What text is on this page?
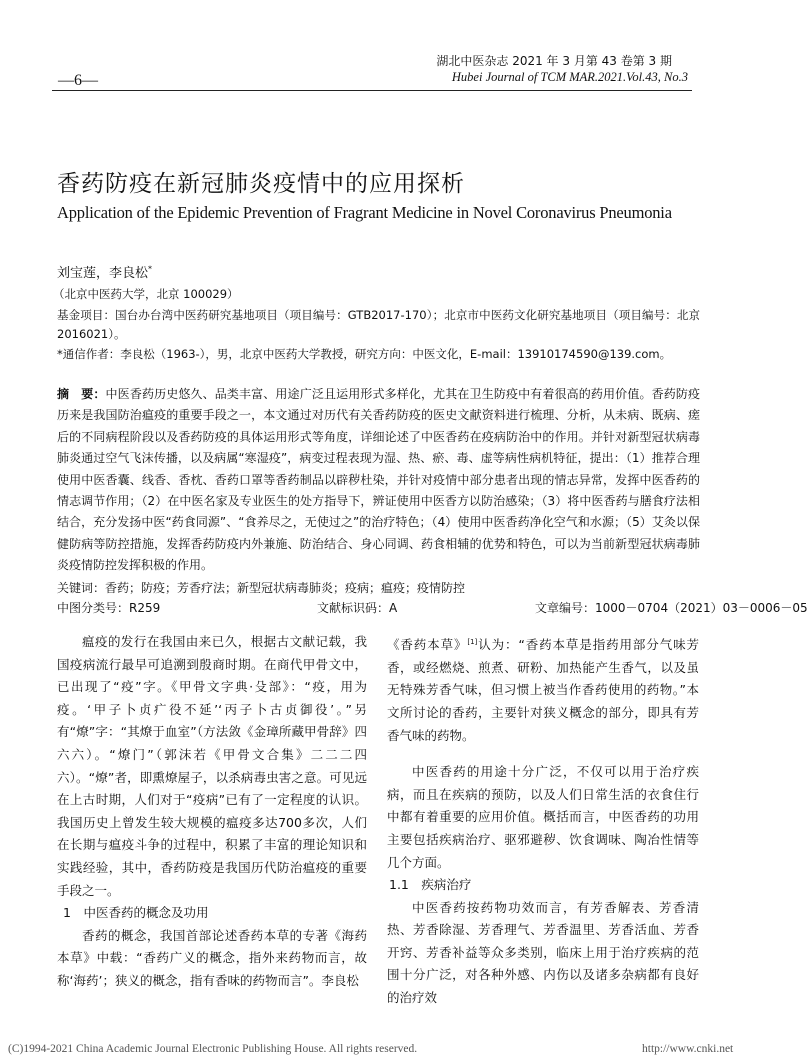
—6—
湖北中医杂志 2021 年 3 月第 43 卷第 3 期
Hubei Journal of TCM MAR.2021.Vol.43, No.3
香药防疫在新冠肺炎疫情中的应用探析
Application of the Epidemic Prevention of Fragrant Medicine in Novel Coronavirus Pneumonia
刘宝莲，李良松*
（北京中医药大学，北京 100029）
基金项目：国台办台湾中医药研究基地项目（项目编号：GTB2017-170）；北京市中医药文化研究基地项目（项目编号：北京 2016021）。
*通信作者：李良松（1963-），男，北京中医药大学教授，研究方向：中医文化，E-mail：13910174590@139.com。
摘　要：中医香药历史悠久、品类丰富、用途广泛且运用形式多样化，尤其在卫生防疫中有着很高的药用价值。香药防疫历来是我国防治瘟疫的重要手段之一，本文通过对历代有关香药防疫的医史文献资料进行梳理、分析，从未病、既病、瘥后的不同病程阶段以及香药防疫的具体运用形式等角度，详细论述了中医香药在疫病防治中的作用。并针对新型冠状病毒肺炎通过空气飞沫传播，以及病属“寒湿疫”，病变过程表现为湿、热、瘀、毒、虚等病性病机特征，提出：（1）推荐合理使用中医香囊、线香、香枕、香药口罩等香药制品以辟秽杜染，并针对疫情中部分患者出现的情志异常，发挥中医香药的情志调节作用；（2）在中医名家及专业医生的处方指导下，辨证使用中医香方以防治感染；（3）将中医香药与膳食疗法相结合，充分发扬中医“药食同源”、“食养尽之，无使过之”的治疗特色；（4）使用中医香药净化空气和水源；（5）艾灸以保健防病等防控措施，发挥香药防疫内外兼施、防治结合、身心同调、药食相辅的优势和特色，可以为当前新型冠状病毒肺炎疫情防控发挥积极的作用。
关键词：香药；防疫；芳香疗法；新型冠状病毒肺炎；疫病；瘟疫；疫情防控
中图分类号：R259	文献标识码：A	文章编号：1000－0704（2021）03－0006－05

瘟疫的发行在我国由来已久，根据古文献记载，我国疫病流行最早可追溯到殷商时期。在商代甲骨文中，已出现了“疫”字。《甲骨文字典·殳部》：“疫，用为疫。‘甲子卜贞疒役不延’‘丙子卜古贞御役’。”另有“燎”字：“其燎于血室”（方法敛《金璋所藏甲骨辞》四六六）。“燎门”（郭沫若《甲骨文合集》二二二四六）。“燎”者，即熏燎屋子，以杀病毒虫害之意。可见远在上古时期，人们对于“疫病”已有了一定程度的认识。我国历史上曾发生较大规模的瘟疫多达700多次，人们在长期与瘟疫斗争的过程中，积累了丰富的理论知识和实践经验，其中，香药防疫是我国历代防治瘟疫的重要手段之一。

1　中医香药的概念及功用

香药的概念，我国首部论述香药本草的专著《海药本草》中载：“香药广义的概念，指外来药物而言，故称‘海药’；狭义的概念，指有香味的药物而言”。李良松

《香药本草》[1]认为：“香药本草是指药用部分气味芳香，或经燃烧、煎煮、研粉、加热能产生香气，以及虽无特殊芳香气味，但习惯上被当作香药使用的药物。”本文所讨论的香药，主要针对狭义概念的部分，即具有芳香气味的药物。

中医香药的用途十分广泛，不仅可以用于治疗疾病，而且在疾病的预防，以及人们日常生活的衣食住行中都有着重要的应用价值。概括而言，中医香药的功用主要包括疾病治疗、驱邪避秽、饮食调味、陶冶性情等几个方面。

1.1　疾病治疗

中医香药按药物功效而言，有芳香解表、芳香清热、芳香除湿、芳香理气、芳香温里、芳香活血、芳香开窍、芳香补益等众多类别，临床上用于治疗疾病的范围十分广泛，对各种外感、内伤以及诸多杂病都有良好的治疗效

(C)1994-2021 China Academic Journal Electronic Publishing House. All rights reserved.	http://www.cnki.net
